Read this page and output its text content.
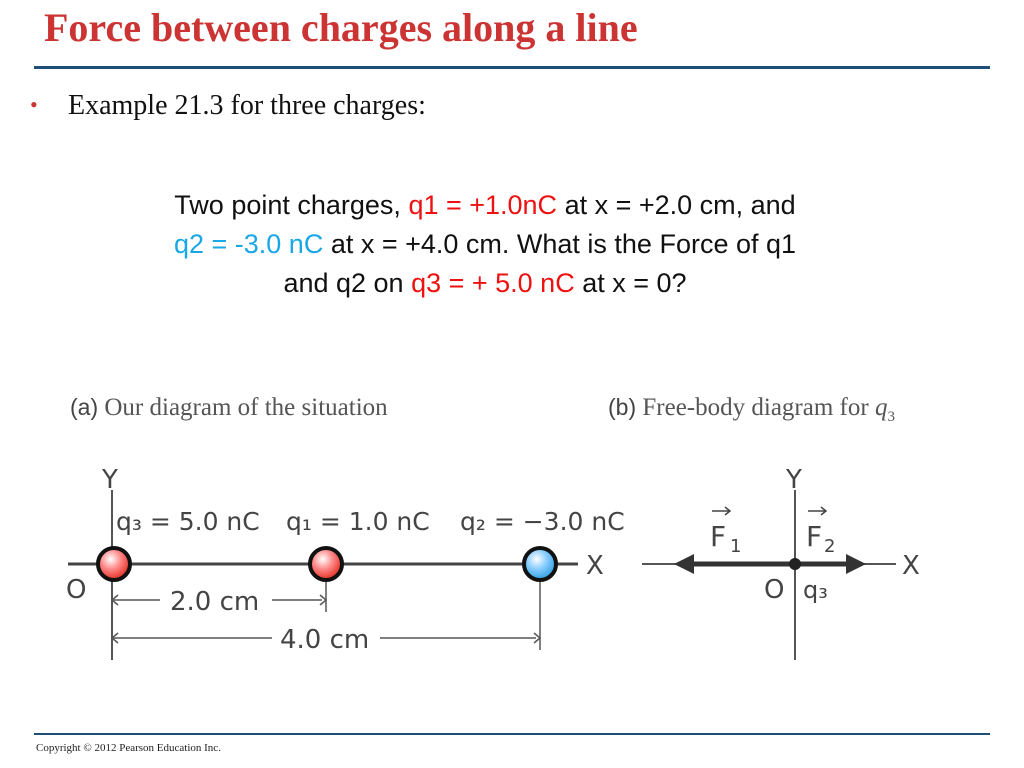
Force between charges along a line
• Example 21.3 for three charges:
Two point charges, q1 = +1.0nC at x = +2.0 cm, and
q2 = -3.0 nC at x = +4.0 cm. What is the Force of q1
and q2 on q3 = + 5.0 nC at x = 0?
(a) Our diagram of the situation	(b) Free-body diagram for $q_3$
Y
X
O
q₃ = 5.0 nC q₁ = 1.0 nC q₂ = −3.0 nC
2.0 cm
4.0 cm
Y
X
O q₃
F 1 F 2
Copyright © 2012 Pearson Education Inc.
